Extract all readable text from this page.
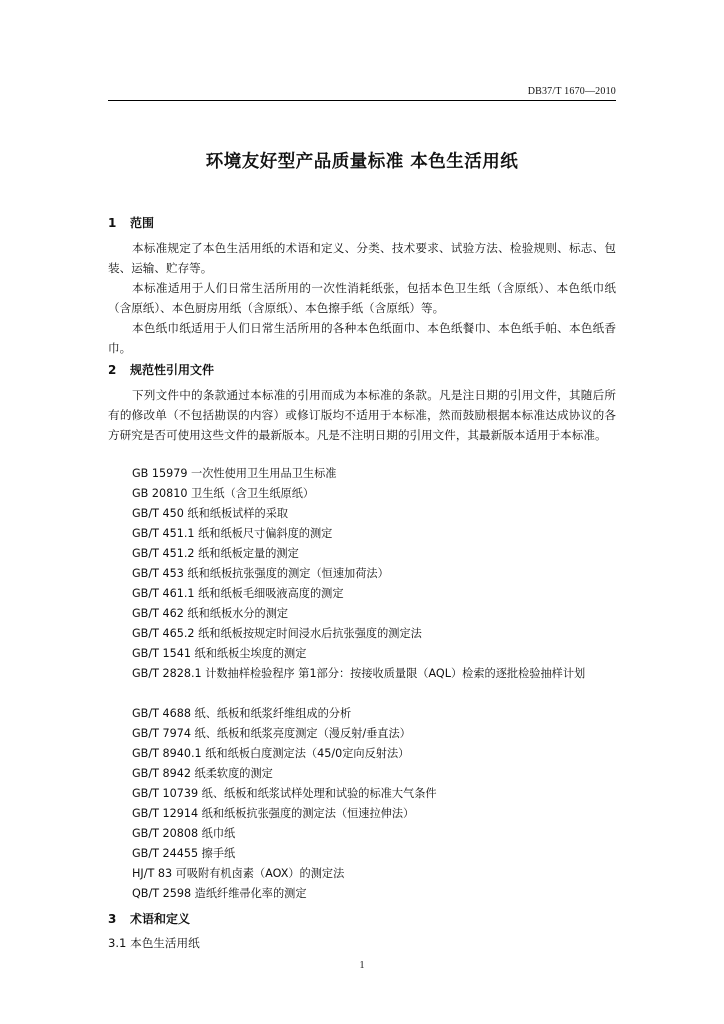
DB37/T 1670—2010
环境友好型产品质量标准 本色生活用纸
1 范围

本标准规定了本色生活用纸的术语和定义、分类、技术要求、试验方法、检验规则、标志、包装、运输、贮存等。

本标准适用于人们日常生活所用的一次性消耗纸张，包括本色卫生纸（含原纸）、本色纸巾纸（含原纸）、本色厨房用纸（含原纸）、本色擦手纸（含原纸）等。

本色纸巾纸适用于人们日常生活所用的各种本色纸面巾、本色纸餐巾、本色纸手帕、本色纸香巾。

2 规范性引用文件

下列文件中的条款通过本标准的引用而成为本标准的条款。凡是注日期的引用文件，其随后所有的修改单（不包括勘误的内容）或修订版均不适用于本标准，然而鼓励根据本标准达成协议的各方研究是否可使用这些文件的最新版本。凡是不注明日期的引用文件，其最新版本适用于本标准。

GB 15979 一次性使用卫生用品卫生标准
GB 20810 卫生纸（含卫生纸原纸）
GB/T 450 纸和纸板试样的采取
GB/T 451.1 纸和纸板尺寸偏斜度的测定
GB/T 451.2 纸和纸板定量的测定
GB/T 453 纸和纸板抗张强度的测定（恒速加荷法）
GB/T 461.1 纸和纸板毛细吸液高度的测定
GB/T 462 纸和纸板水分的测定
GB/T 465.2 纸和纸板按规定时间浸水后抗张强度的测定法
GB/T 1541 纸和纸板尘埃度的测定
GB/T 2828.1 计数抽样检验程序 第1部分：按接收质量限（AQL）检索的逐批检验抽样计划
GB/T 4688 纸、纸板和纸浆纤维组成的分析
GB/T 7974 纸、纸板和纸浆亮度测定（漫反射/垂直法）
GB/T 8940.1 纸和纸板白度测定法（45/0定向反射法）
GB/T 8942 纸柔软度的测定
GB/T 10739 纸、纸板和纸浆试样处理和试验的标准大气条件
GB/T 12914 纸和纸板抗张强度的测定法（恒速拉伸法）
GB/T 20808 纸巾纸
GB/T 24455 擦手纸
HJ/T 83 可吸附有机卤素（AOX）的测定法
QB/T 2598 造纸纤维帚化率的测定
3 术语和定义
3.1 本色生活用纸
1
